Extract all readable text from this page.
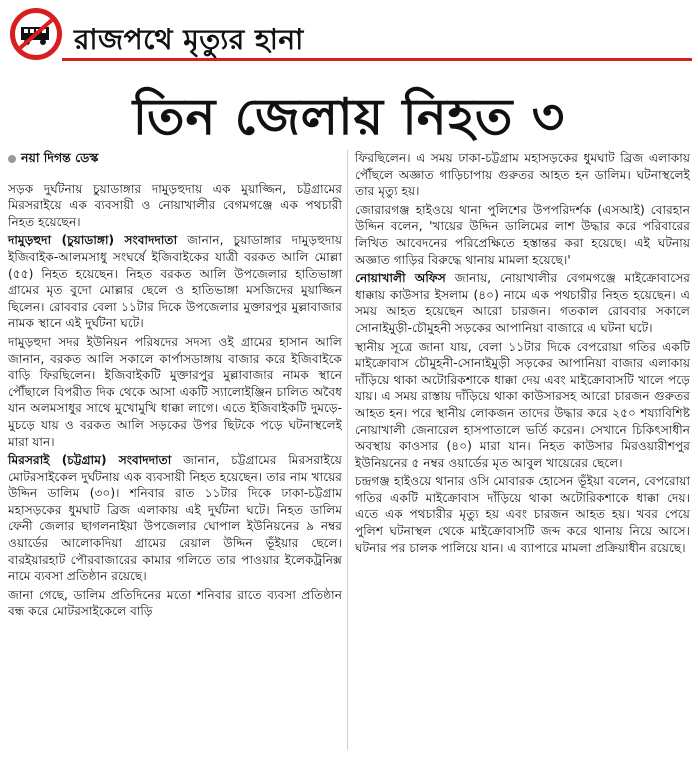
রাজপথে মৃত্যুর হানা
তিন জেলায় নিহত ৩
নয়া দিগন্ত ডেস্ক

সড়ক দুর্ঘটনায় চুয়াডাঙ্গার দামুড়হুদায় এক মুয়াজ্জিন, চট্টগ্রামের মিরসরাইয়ে এক ব্যবসায়ী ও নোয়াখালীর বেগমগঞ্জে এক পথচারী নিহত হয়েছেন।

দামুড়হুদা (চুয়াডাঙ্গা) সংবাদদাতা জানান, চুয়াডাঙ্গার দামুড়হুদায় ইজিবাইক-আলমসাধু সংঘর্ষে ইজিবাইকের যাত্রী বরকত আলি মোল্লা (৫৫) নিহত হয়েছেন। নিহত বরকত আলি উপজেলার হাতিভাঙ্গা গ্রামের মৃত বুদো মোল্লার ছেলে ও হাতিভাঙ্গা মসজিদের মুয়াজ্জিন ছিলেন। রোববার বেলা ১১টার দিকে উপজেলার মুক্তারপুর মুল্লাবাজার নামক স্থানে এই দুর্ঘটনা ঘটে।

দামুড়হুদা সদর ইউনিয়ন পরিষদের সদস্য ওই গ্রামের হাসান আলি জানান, বরকত আলি সকালে কার্পাসডাঙ্গায় বাজার করে ইজিবাইকে বাড়ি ফিরছিলেন। ইজিবাইকটি মুক্তারপুর মুল্লাবাজার নামক স্থানে পৌঁছালে বিপরীত দিক থেকে আসা একটি স্যালোইঞ্জিন চালিত অবৈধ যান অলমসাধুর সাথে মুখোমুখি ধাক্কা লাগে। এতে ইজিবাইকটি দুমড়ে-মুচড়ে যায় ও বরকত আলি সড়কের উপর ছিটকে পড়ে ঘটনাস্থলেই মারা যান।

মিরসরাই (চট্টগ্রাম) সংবাদদাতা জানান, চট্টগ্রামের মিরসরাইয়ে মোটরসাইকেল দুর্ঘটনায় এক ব্যবসায়ী নিহত হয়েছেন। তার নাম খায়ের উদ্দিন ডালিম (৩০)। শনিবার রাত ১১টার দিকে ঢাকা-চট্টগ্রাম মহাসড়কের ধুমঘাট ব্রিজ এলাকায় এই দুর্ঘটনা ঘটে। নিহত ডালিম ফেনী জেলার ছাগলনাইয়া উপজেলার ঘোপাল ইউনিয়নের ৯ নম্বর ওয়ার্ডের আলোকদিয়া গ্রামের রেয়াল উদ্দিন ভূঁইয়ার ছেলে। বারইয়ারহাট পৌরবাজারের কামার গলিতে তার পাওয়ার ইলেকট্রনিক্স নামে ব্যবসা প্রতিষ্ঠান রয়েছে।

জানা গেছে, ডালিম প্রতিদিনের মতো শনিবার রাতে ব্যবসা প্রতিষ্ঠান বন্ধ করে মোটরসাইকেলে বাড়ি

ফিরছিলেন। এ সময় ঢাকা-চট্টগ্রাম মহাসড়কের ধুমঘাট ব্রিজ এলাকায় পৌঁছলে অজ্ঞাত গাড়িচাপায় গুরুতর আহত হন ডালিম। ঘটনাস্থলেই তার মৃত্যু হয়।

জোরারগঞ্জ হাইওয়ে থানা পুলিশের উপপরিদর্শক (এসআই) বোরহান উদ্দিন বলেন, 'খায়ের উদ্দিন ডালিমের লাশ উদ্ধার করে পরিবারের লিখিত আবেদনের পরিপ্রেক্ষিতে হস্তান্তর করা হয়েছে। এই ঘটনায় অজ্ঞাত গাড়ির বিরুদ্ধে থানায় মামলা হয়েছে।'

নোয়াখালী অফিস জানায়, নোয়াখালীর বেগমগঞ্জে মাইক্রোবাসের ধাক্কায় কাউসার ইসলাম (৪০) নামে এক পথচারীর নিহত হয়েছেন। এ সময় আহত হয়েছেন আরো চারজন। গতকাল রোববার সকালে সোনাইমুড়ী-চৌমুহনী সড়কের আপানিয়া বাজারে এ ঘটনা ঘটে।

স্থানীয় সূত্রে জানা যায়, বেলা ১১টার দিকে বেপরোয়া গতির একটি মাইক্রোবাস চৌমুহনী-সোনাইমুড়ী সড়কের আপানিয়া বাজার এলাকায় দাঁড়িয়ে থাকা অটোরিকশাকে ধাক্কা দেয় এবং মাইক্রোবাসটি খালে পড়ে যায়। এ সময় রাস্তায় দাঁড়িয়ে থাকা কাউসারসহ আরো চারজন গুরুতর আহত হন। পরে স্থানীয় লোকজন তাদের উদ্ধার করে ২৫০ শয্যাবিশিষ্ট নোয়াখালী জেনারেল হাসপাতালে ভর্তি করেন। সেখানে চিকিৎসাধীন অবস্থায় কাওসার (৪০) মারা যান। নিহত কাউসার মিরওয়ারীশপুর ইউনিয়নের ৫ নম্বর ওয়ার্ডের মৃত আবুল খায়েরের ছেলে।

চন্দ্রগঞ্জ হাইওয়ে থানার ওসি মোবারক হোসেন ভূঁইয়া বলেন, বেপরোয়া গতির একটি মাইক্রোবাস দাঁড়িয়ে থাকা অটোরিকশাকে ধাক্কা দেয়। এতে এক পথচারীর মৃত্যু হয় এবং চারজন আহত হয়। খবর পেয়ে পুলিশ ঘটনাস্থল থেকে মাইক্রোবাসটি জব্দ করে থানায় নিয়ে আসে। ঘটনার পর চালক পালিয়ে যান। এ ব্যাপারে মামলা প্রক্রিয়াধীন রয়েছে।
